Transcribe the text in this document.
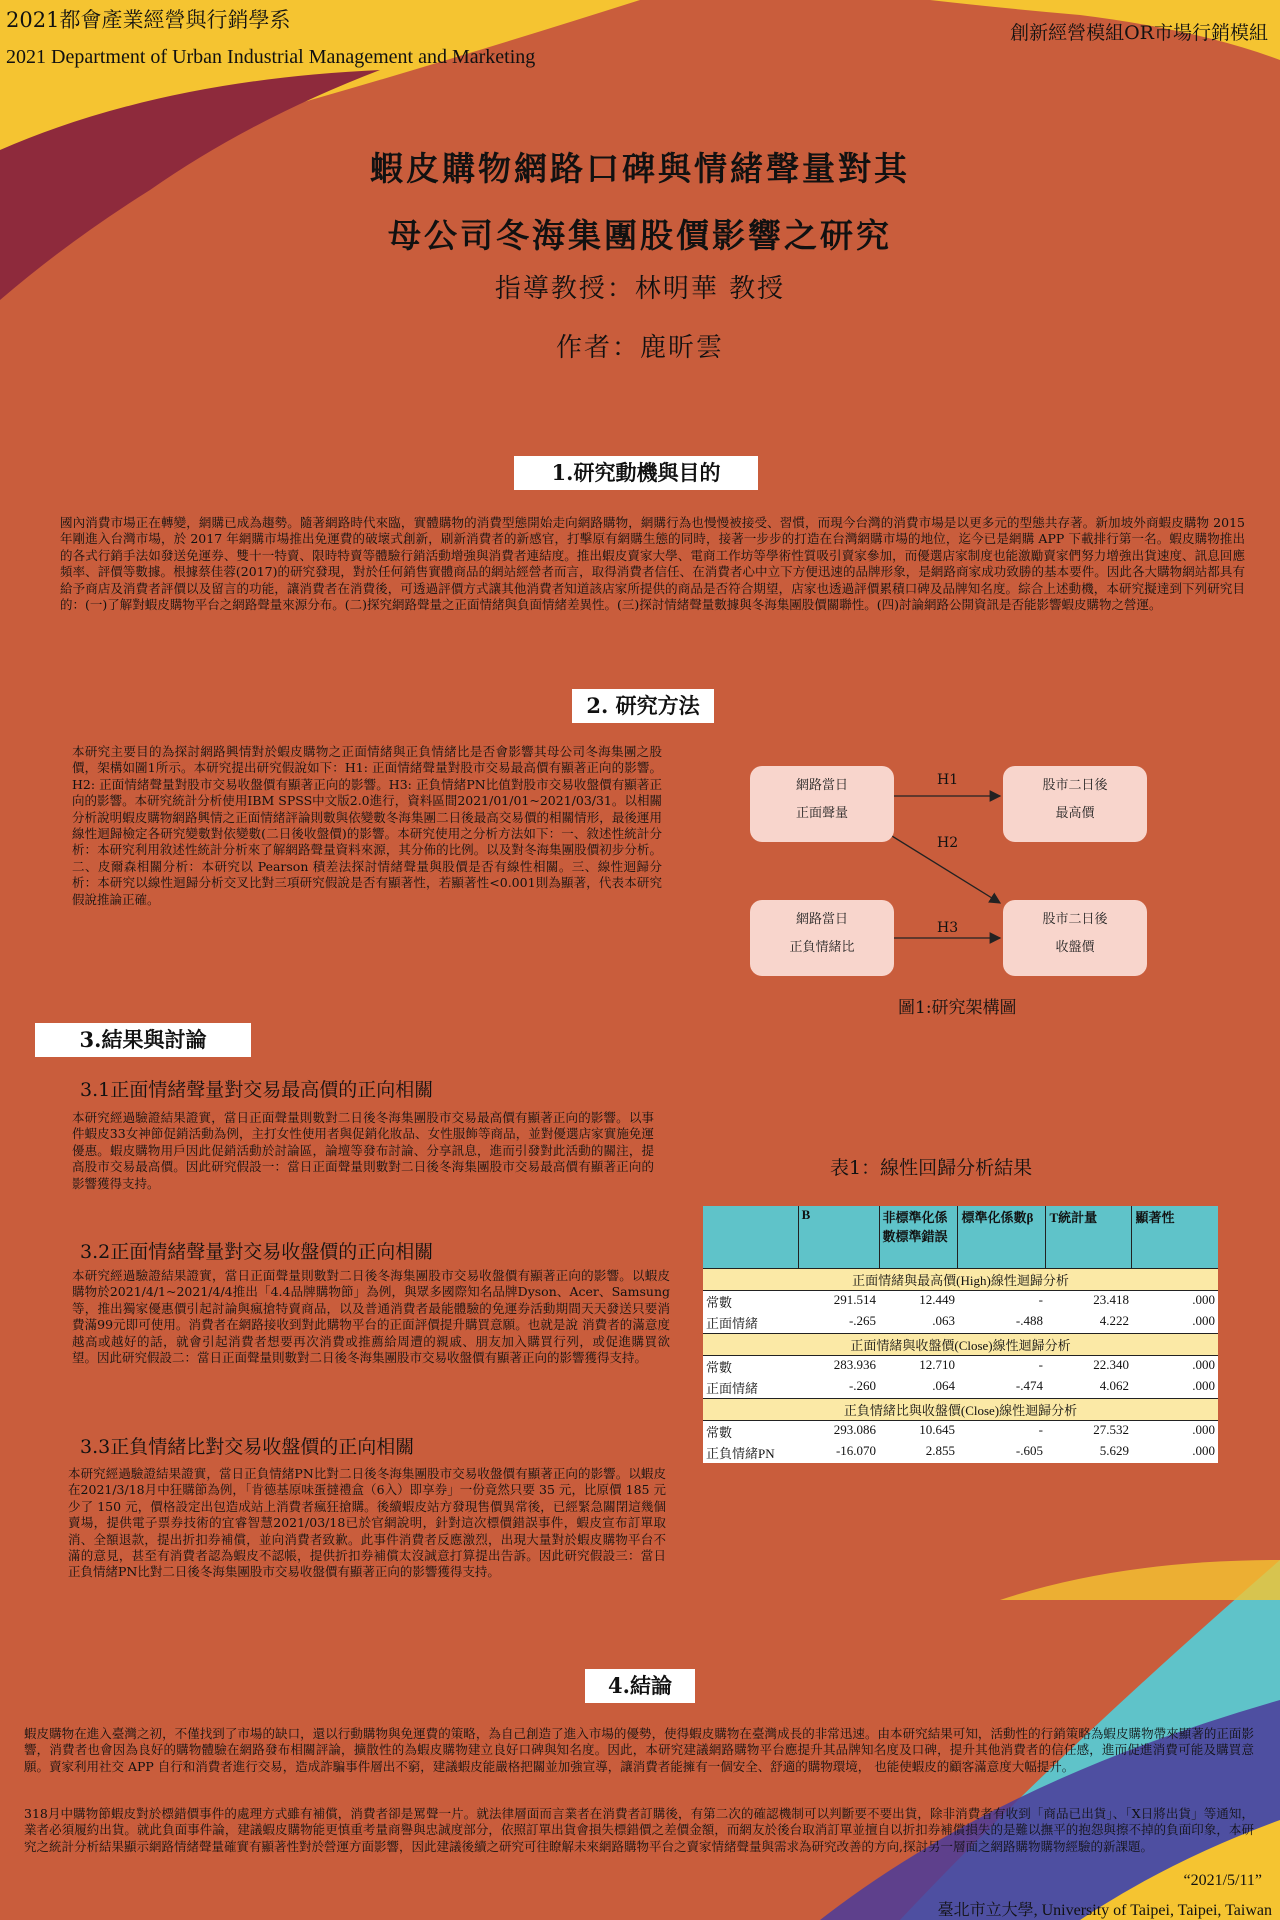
2021都會產業經營與行銷學系
2021 Department of Urban Industrial Management and Marketing
創新經營模組OR市場行銷模組
蝦皮購物網路口碑與情緒聲量對其
母公司冬海集團股價影響之研究
指導教授：林明華 教授
作者：鹿昕雲
1.研究動機與目的
國內消費市場正在轉變，網購已成為趨勢。隨著網路時代來臨，實體購物的消費型態開始走向網路購物，網購行為也慢慢被接受、習慣，而現今台灣的消費市場是以更多元的型態共存著。新加坡外商蝦皮購物 2015 年剛進入台灣市場，於 2017 年網購市場推出免運費的破壞式創新，刷新消費者的新感官，打擊原有網購生態的同時，接著一步步的打造在台灣網購市場的地位，迄今已是網購 APP 下載排行第一名。蝦皮購物推出的各式行銷手法如發送免運券、雙十一特賣、限時特賣等體驗行銷活動增強與消費者連結度。推出蝦皮賣家大學、電商工作坊等學術性質吸引賣家參加，而優選店家制度也能激勵賣家們努力增強出貨速度、訊息回應頻率、評價等數據。根據蔡佳蓉(2017)的研究發現，對於任何銷售實體商品的網站經營者而言，取得消費者信任、在消費者心中立下方便迅速的品牌形象，是網路商家成功致勝的基本要件。因此各大購物網站都具有給予商店及消費者評價以及留言的功能，讓消費者在消費後，可透過評價方式讓其他消費者知道該店家所提供的商品是否符合期望，店家也透過評價累積口碑及品牌知名度。綜合上述動機，本研究擬達到下列研究目的：(一)了解對蝦皮購物平台之網路聲量來源分布。(二)探究網路聲量之正面情緒與負面情緒差異性。(三)探討情緒聲量數據與冬海集團股價關聯性。(四)討論網路公開資訊是否能影響蝦皮購物之營運。
2. 研究方法
本研究主要目的為探討網路興情對於蝦皮購物之正面情緒與正負情緒比是否會影響其母公司冬海集團之股價，架構如圖1所示。本研究提出研究假說如下：H1: 正面情緒聲量對股市交易最高價有顯著正向的影響。H2: 正面情緒聲量對股市交易收盤價有顯著正向的影響。H3: 正負情緒PN比值對股市交易收盤價有顯著正向的影響。本研究統計分析使用IBM SPSS中文版2.0進行，資料區間2021/01/01~2021/03/31。以相關分析說明蝦皮購物網路興情之正面情緒評論則數與依變數冬海集團二日後最高交易價的相關情形，最後運用線性迴歸檢定各研究變數對依變數(二日後收盤價)的影響。本研究使用之分析方法如下：一、敘述性統計分析：本研究利用敘述性統計分析來了解網路聲量資料來源，其分佈的比例。以及對冬海集團股價初步分析。二、皮爾森相關分析：本研究以 Pearson 積差法探討情緒聲量與股價是否有線性相關。三、線性迴歸分析：本研究以線性迴歸分析交叉比對三項研究假說是否有顯著性，若顯著性<0.001則為顯著，代表本研究假說推論正確。
H1
H2
H3
網路當日
正面聲量
網路當日
正負情緒比
股市二日後
最高價
股市二日後
收盤價
圖1:研究架構圖
3.結果與討論
3.1正面情緒聲量對交易最高價的正向相關
本研究經過驗證結果證實，當日正面聲量則數對二日後冬海集團股市交易最高價有顯著正向的影響。以事件蝦皮33女神節促銷活動為例，主打女性使用者與促銷化妝品、女性服飾等商品，並對優選店家實施免運優惠。蝦皮購物用戶因此促銷活動於討論區，論壇等發布討論、分享訊息，進而引發對此活動的關注，提高股市交易最高價。因此研究假設一：當日正面聲量則數對二日後冬海集團股市交易最高價有顯著正向的影響獲得支持。
3.2正面情緒聲量對交易收盤價的正向相關
本研究經過驗證結果證實，當日正面聲量則數對二日後冬海集團股市交易收盤價有顯著正向的影響。以蝦皮購物於2021/4/1~2021/4/4推出「4.4品牌購物節」為例，與眾多國際知名品牌Dyson、Acer、Samsung等，推出獨家優惠價引起討論與瘋搶特賣商品，以及普通消費者最能體驗的免運券活動期間天天發送只要消費滿99元即可使用。消費者在網路接收到對此購物平台的正面評價提升購買意願。也就是說 消費者的滿意度越高或越好的話，就會引起消費者想要再次消費或推薦給周遭的親戚、朋友加入購買行列，或促進購買欲望。因此研究假設二：當日正面聲量則數對二日後冬海集團股市交易收盤價有顯著正向的影響獲得支持。
3.3正負情緒比對交易收盤價的正向相關
本研究經過驗證結果證實，當日正負情緒PN比對二日後冬海集團股市交易收盤價有顯著正向的影響。以蝦皮在2021/3/18月中狂購節為例，「肯德基原味蛋撻禮盒（6入）即享券」一份竟然只要 35 元，比原價 185 元少了 150 元，價格設定出包造成站上消費者瘋狂搶購。後續蝦皮站方發現售價異常後，已經緊急關閉這幾個賣場，提供電子票券技術的宜睿智慧2021/03/18已於官網說明，針對這次標價錯誤事件，蝦皮宣布訂單取消、全額退款，提出折扣券補償，並向消費者致歉。此事件消費者反應激烈，出現大量對於蝦皮購物平台不滿的意見，甚至有消費者認為蝦皮不認帳，提供折扣券補償太沒誠意打算提出告訴。因此研究假設三：當日正負情緒PN比對二日後冬海集團股市交易收盤價有顯著正向的影響獲得支持。
表1：線性回歸分析結果
	B	非標準化係數標準錯誤	標準化係數β	T統計量	顯著性
正面情緒與最高價(High)線性迴歸分析					
常數	291.514	12.449	-	23.418	.000
正面情緒	-.265	.063	-.488	4.222	.000
正面情緒與收盤價(Close)線性迴歸分析					
常數	283.936	12.710	-	22.340	.000
正面情緒	-.260	.064	-.474	4.062	.000
正負情緒比與收盤價(Close)線性迴歸分析					
常數	293.086	10.645	-	27.532	.000
正負情緒PN	-16.070	2.855	-.605	5.629	.000
4.結論
蝦皮購物在進入臺灣之初，不僅找到了市場的缺口，還以行動購物與免運費的策略，為自己創造了進入市場的優勢，使得蝦皮購物在臺灣成長的非常迅速。由本研究結果可知，活動性的行銷策略為蝦皮購物帶來顯著的正面影響，消費者也會因為良好的購物體驗在網路發布相關評論，擴散性的為蝦皮購物建立良好口碑與知名度。因此，本研究建議網路購物平台應提升其品牌知名度及口碑，提升其他消費者的信任感，進而促進消費可能及購買意願。賣家利用社交 APP 自行和消費者進行交易，造成詐騙事件層出不窮，建議蝦皮能嚴格把關並加強宣導，讓消費者能擁有一個安全、舒適的購物環境， 也能使蝦皮的顧客滿意度大幅提升。
318月中購物節蝦皮對於標錯價事件的處理方式雖有補償，消費者卻是罵聲一片。就法律層面而言業者在消費者訂購後，有第二次的確認機制可以判斷要不要出貨，除非消費者有收到「商品已出貨」、「X日將出貨」等通知，業者必須履約出貨。就此負面事件論，建議蝦皮購物能更慎重考量商譽與忠誠度部分，依照訂單出貨會損失標錯價之差價金額，而網友於後台取消訂單並擅自以折扣券補償損失的是難以撫平的抱怨與擦不掉的負面印象，本研究之統計分析結果顯示網路情緒聲量確實有顯著性對於營運方面影響，因此建議後續之研究可往瞭解未來網路購物平台之賣家情緒聲量與需求為研究改善的方向,探討另一層面之網路購物購物經驗的新課題。
“2021/5/11”
臺北市立大學, University of Taipei, Taipei, Taiwan
